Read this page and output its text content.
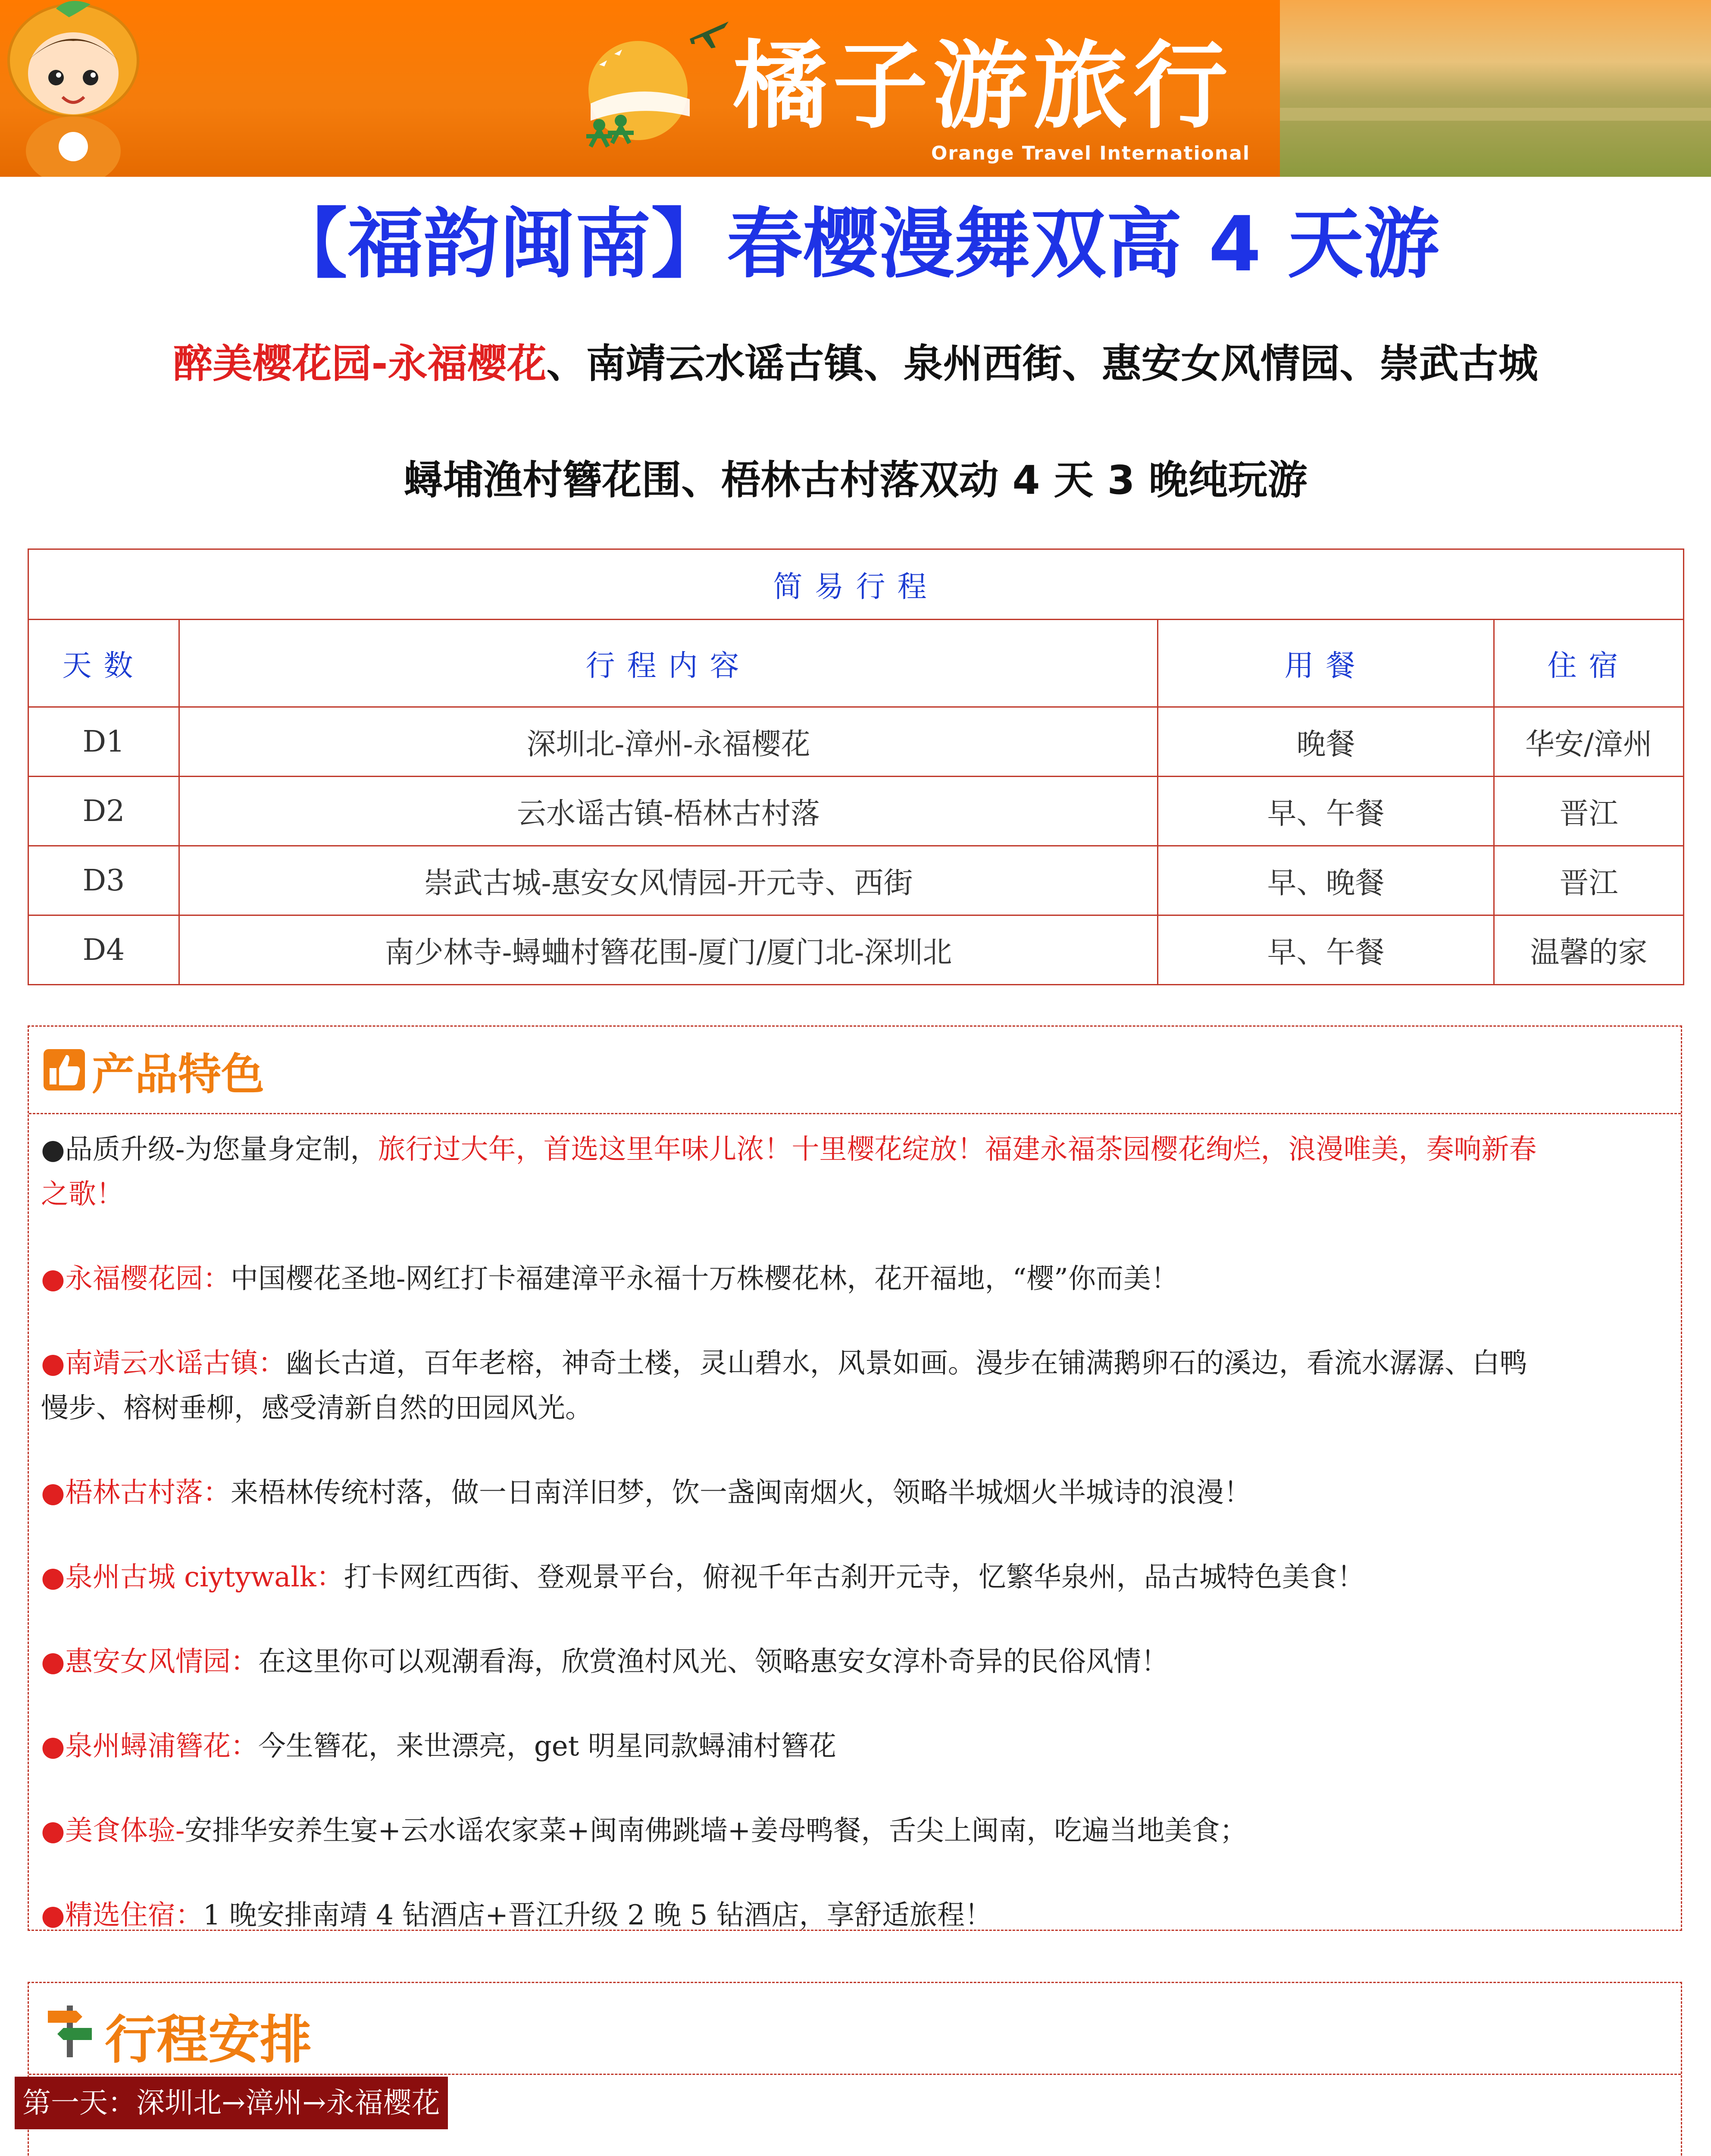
橘子游旅行
Orange Travel International
【福韵闽南】春樱漫舞双高 4 天游
醉美樱花园-永福樱花、南靖云水谣古镇、泉州西街、惠安女风情园、崇武古城
蟳埔渔村簪花围、梧林古村落双动 4 天 3 晚纯玩游
简易行程			
天数	行程内容	用餐	住宿
D1	深圳北-漳州-永福樱花	晚餐	华安/漳州
D2	云水谣古镇-梧林古村落	早、午餐	晋江
D3	崇武古城-惠安女风情园-开元寺、西街	早、晚餐	晋江
D4	南少林寺-蟳蛐村簪花围-厦门/厦门北-深圳北	早、午餐	温馨的家
产品特色

●品质升级-为您量身定制，旅行过大年，首选这里年味儿浓！十里樱花绽放！福建永福茶园樱花绚烂，浪漫唯美，奏响新春
之歌！

●永福樱花园：中国樱花圣地-网红打卡福建漳平永福十万株樱花林，花开福地，“樱”你而美！

●南靖云水谣古镇：幽长古道，百年老榕，神奇土楼，灵山碧水，风景如画。漫步在铺满鹅卵石的溪边，看流水潺潺、白鸭
慢步、榕树垂柳，感受清新自然的田园风光。

●梧林古村落：来梧林传统村落，做一日南洋旧梦，饮一盏闽南烟火，领略半城烟火半城诗的浪漫！

●泉州古城 ciytywalk：打卡网红西街、登观景平台，俯视千年古刹开元寺，忆繁华泉州，品古城特色美食！

●惠安女风情园：在这里你可以观潮看海，欣赏渔村风光、领略惠安女淳朴奇异的民俗风情！

●泉州蟳浦簪花：今生簪花，来世漂亮，get 明星同款蟳浦村簪花

●美食体验-安排华安养生宴+云水谣农家菜+闽南佛跳墙+姜母鸭餐，舌尖上闽南，吃遍当地美食；

●精选住宿：1 晚安排南靖 4 钻酒店+晋江升级 2 晚 5 钻酒店，享舒适旅程！

行程安排
第一天：深圳北→漳州→永福樱花
